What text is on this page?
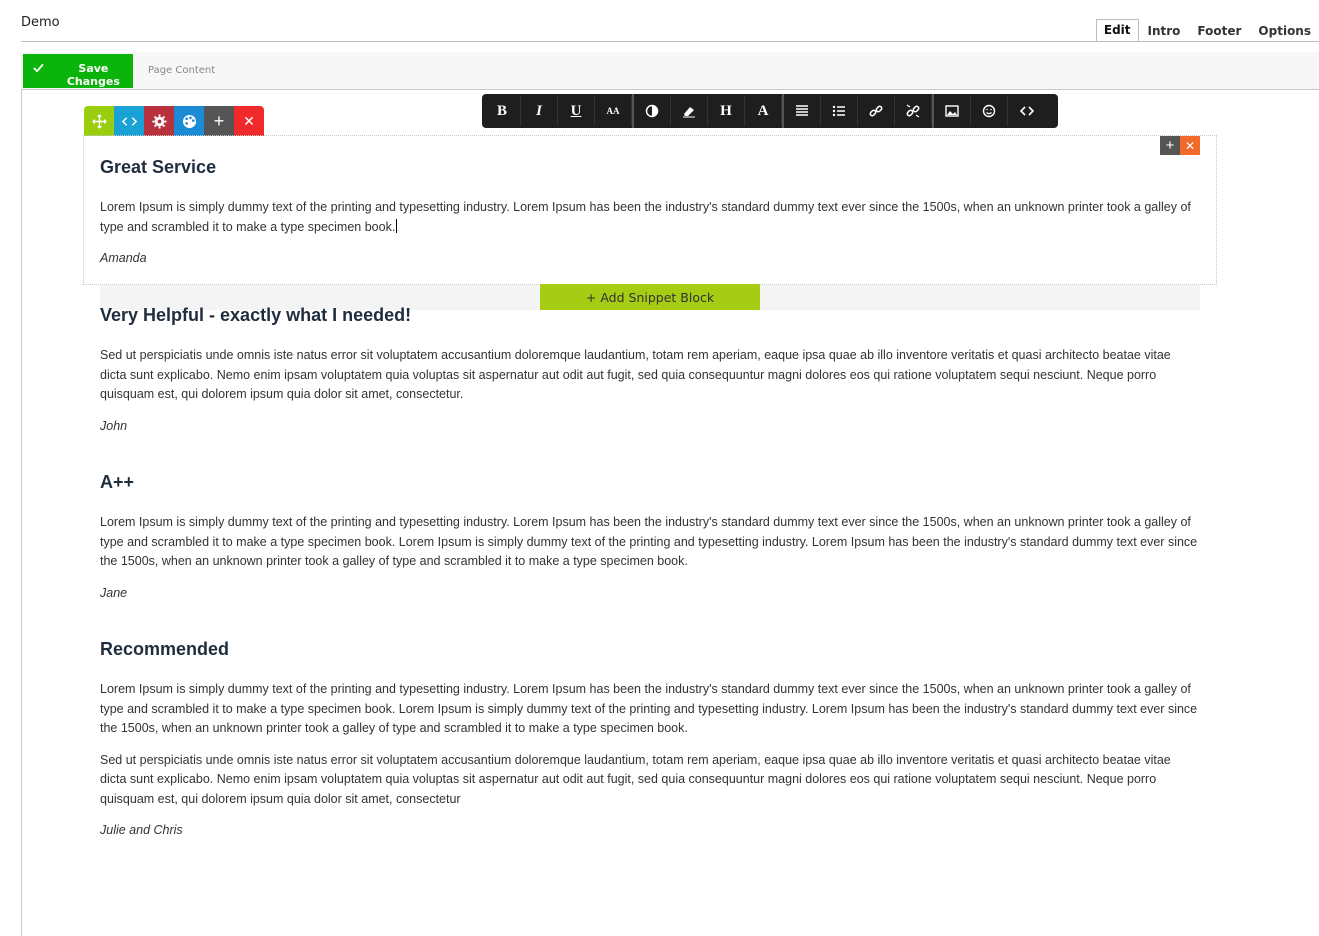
Demo	Edit	Intro	Footer	Options
Save Changes
Page Content
+	✕
B	I	U	AA	H	A
+ ✕
Great Service

Lorem Ipsum is simply dummy text of the printing and typesetting industry. Lorem Ipsum has been the industry's standard dummy text ever since the 1500s, when an unknown printer took a galley of type and scrambled it to make a type specimen book.

Amanda

+ Add Snippet Block
Very Helpful - exactly what I needed!

Sed ut perspiciatis unde omnis iste natus error sit voluptatem accusantium doloremque laudantium, totam rem aperiam, eaque ipsa quae ab illo inventore veritatis et quasi architecto beatae vitae dicta sunt explicabo. Nemo enim ipsam voluptatem quia voluptas sit aspernatur aut odit aut fugit, sed quia consequuntur magni dolores eos qui ratione voluptatem sequi nesciunt. Neque porro quisquam est, qui dolorem ipsum quia dolor sit amet, consectetur.

John

A++

Lorem Ipsum is simply dummy text of the printing and typesetting industry. Lorem Ipsum has been the industry's standard dummy text ever since the 1500s, when an unknown printer took a galley of type and scrambled it to make a type specimen book. Lorem Ipsum is simply dummy text of the printing and typesetting industry. Lorem Ipsum has been the industry's standard dummy text ever since the 1500s, when an unknown printer took a galley of type and scrambled it to make a type specimen book.

Jane

Recommended

Lorem Ipsum is simply dummy text of the printing and typesetting industry. Lorem Ipsum has been the industry's standard dummy text ever since the 1500s, when an unknown printer took a galley of type and scrambled it to make a type specimen book. Lorem Ipsum is simply dummy text of the printing and typesetting industry. Lorem Ipsum has been the industry's standard dummy text ever since the 1500s, when an unknown printer took a galley of type and scrambled it to make a type specimen book.

Sed ut perspiciatis unde omnis iste natus error sit voluptatem accusantium doloremque laudantium, totam rem aperiam, eaque ipsa quae ab illo inventore veritatis et quasi architecto beatae vitae dicta sunt explicabo. Nemo enim ipsam voluptatem quia voluptas sit aspernatur aut odit aut fugit, sed quia consequuntur magni dolores eos qui ratione voluptatem sequi nesciunt. Neque porro quisquam est, qui dolorem ipsum quia dolor sit amet, consectetur

Julie and Chris
